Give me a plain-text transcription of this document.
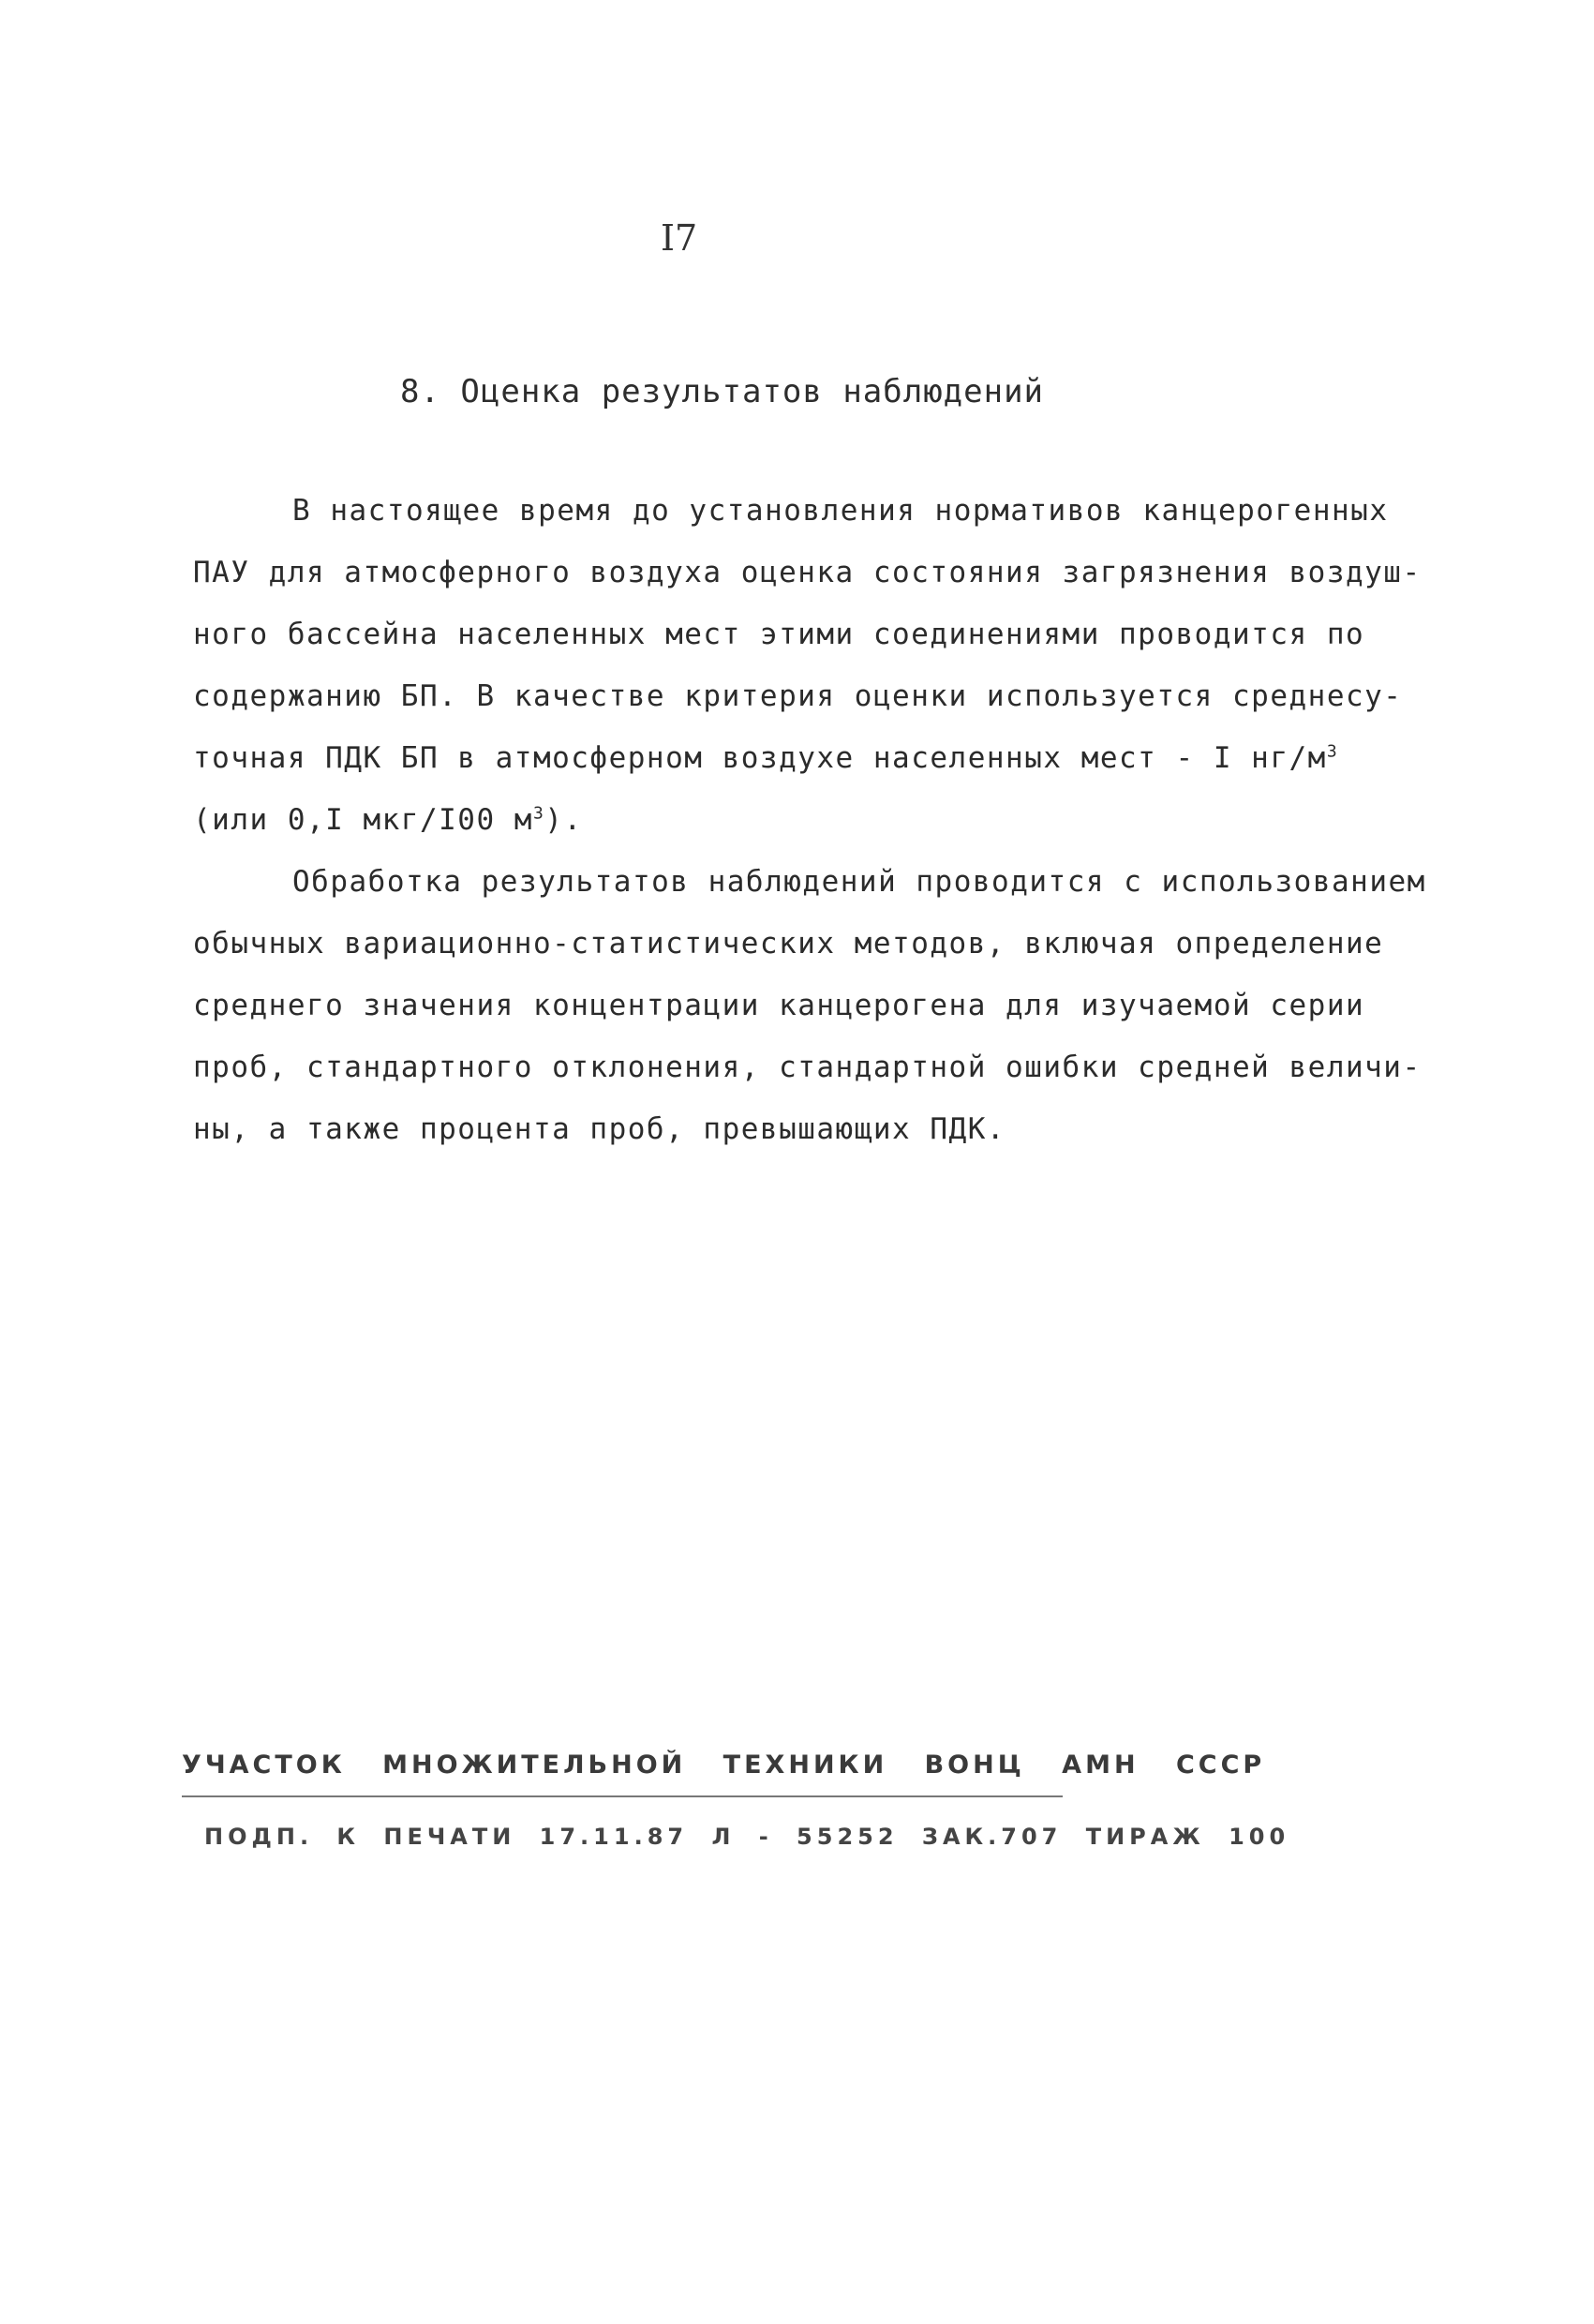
I7
8. Оценка результатов наблюдений
В настоящее время до установления нормативов канцерогенных
ПАУ для атмосферного воздуха оценка состояния загрязнения воздуш-
ного бассейна населенных мест этими соединениями проводится по
содержанию БП. В качестве критерия оценки используется среднесу-
точная ПДК БП в атмосферном воздухе населенных мест - I $нг/м^3$
(или 0,I мкг/I00 $м^3$).
Обработка результатов наблюдений проводится с использованием
обычных вариационно-статистических методов, включая определение
среднего значения концентрации канцерогена для изучаемой серии
проб, стандартного отклонения, стандартной ошибки средней величи-
ны, а также процента проб, превышающих ПДК.
УЧАСТОК МНОЖИТЕЛЬНОЙ ТЕХНИКИ ВОНЦ АМН СССР
ПОДП. К ПЕЧАТИ 17.11.87 Л - 55252 ЗАК.707 ТИРАЖ 100
